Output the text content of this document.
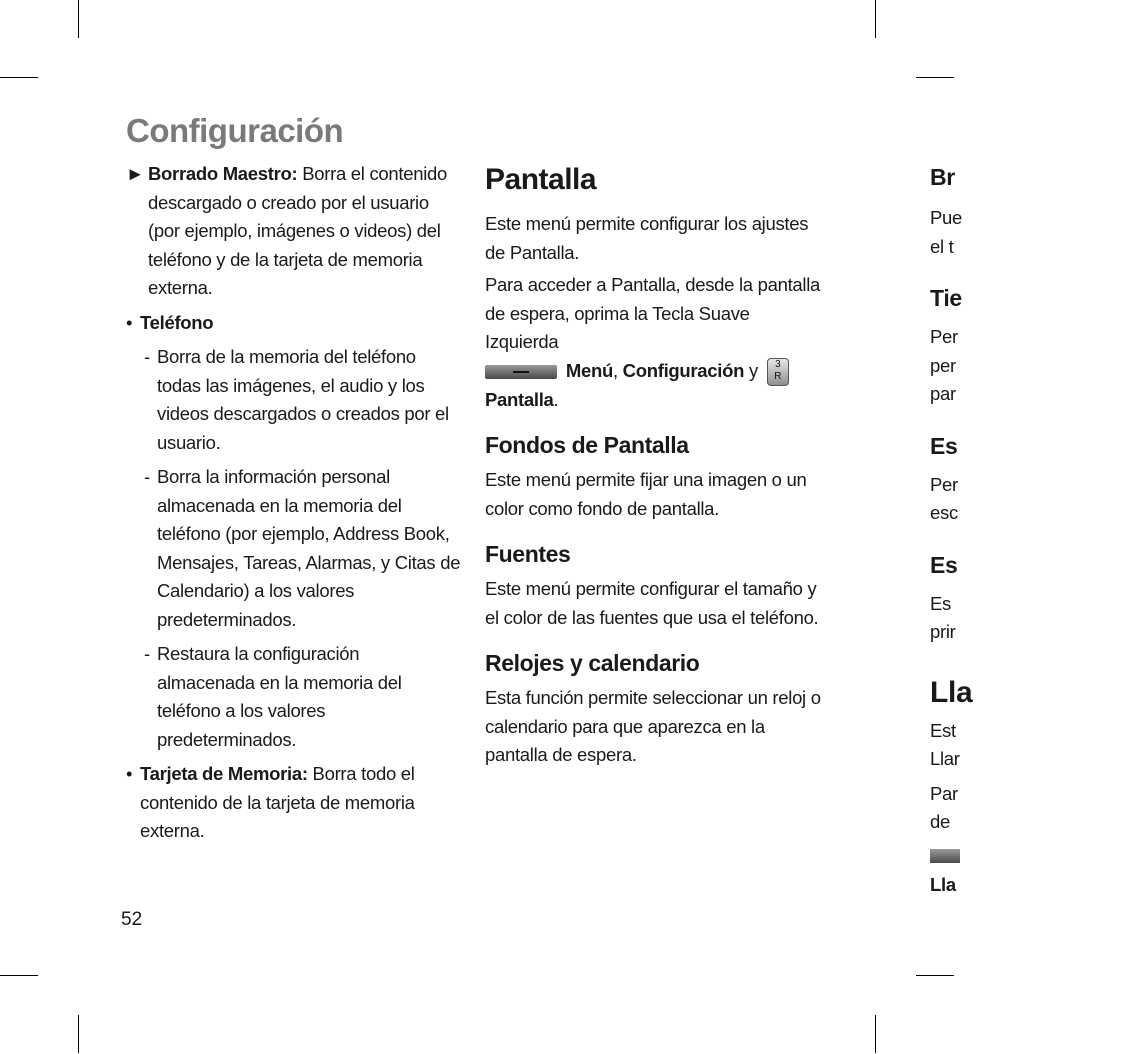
Configuración
► Borrado Maestro: Borra el contenido descargado o creado por el usuario (por ejemplo, imágenes o videos) del teléfono y de la tarjeta de memoria externa.
• Teléfono
- Borra de la memoria del teléfono todas las imágenes, el audio y los videos descargados o creados por el usuario.
- Borra la información personal almacenada en la memoria del teléfono (por ejemplo, Address Book, Mensajes, Tareas, Alarmas, y Citas de Calendario) a los valores predeterminados.
- Restaura la configuración almacenada en la memoria del teléfono a los valores predeterminados.
• Tarjeta de Memoria: Borra todo el contenido de la tarjeta de memoria externa.
Pantalla

Este menú permite configurar los ajustes de Pantalla.

Para acceder a Pantalla, desde la pantalla de espera, oprima la Tecla Suave Izquierda
Menú, Configuración y 3
R
Pantalla.

Fondos de Pantalla

Este menú permite fijar una imagen o un color como fondo de pantalla.

Fuentes

Este menú permite configurar el tamaño y el color de las fuentes que usa el teléfono.

Relojes y calendario

Esta función permite seleccionar un reloj o calendario para que aparezca en la pantalla de espera.

Br

Pue

el t

Tie

Per

per

par

Es

Per

esc

Es

Es

prir

Lla

Est

Llar

Par

de

Lla

52
